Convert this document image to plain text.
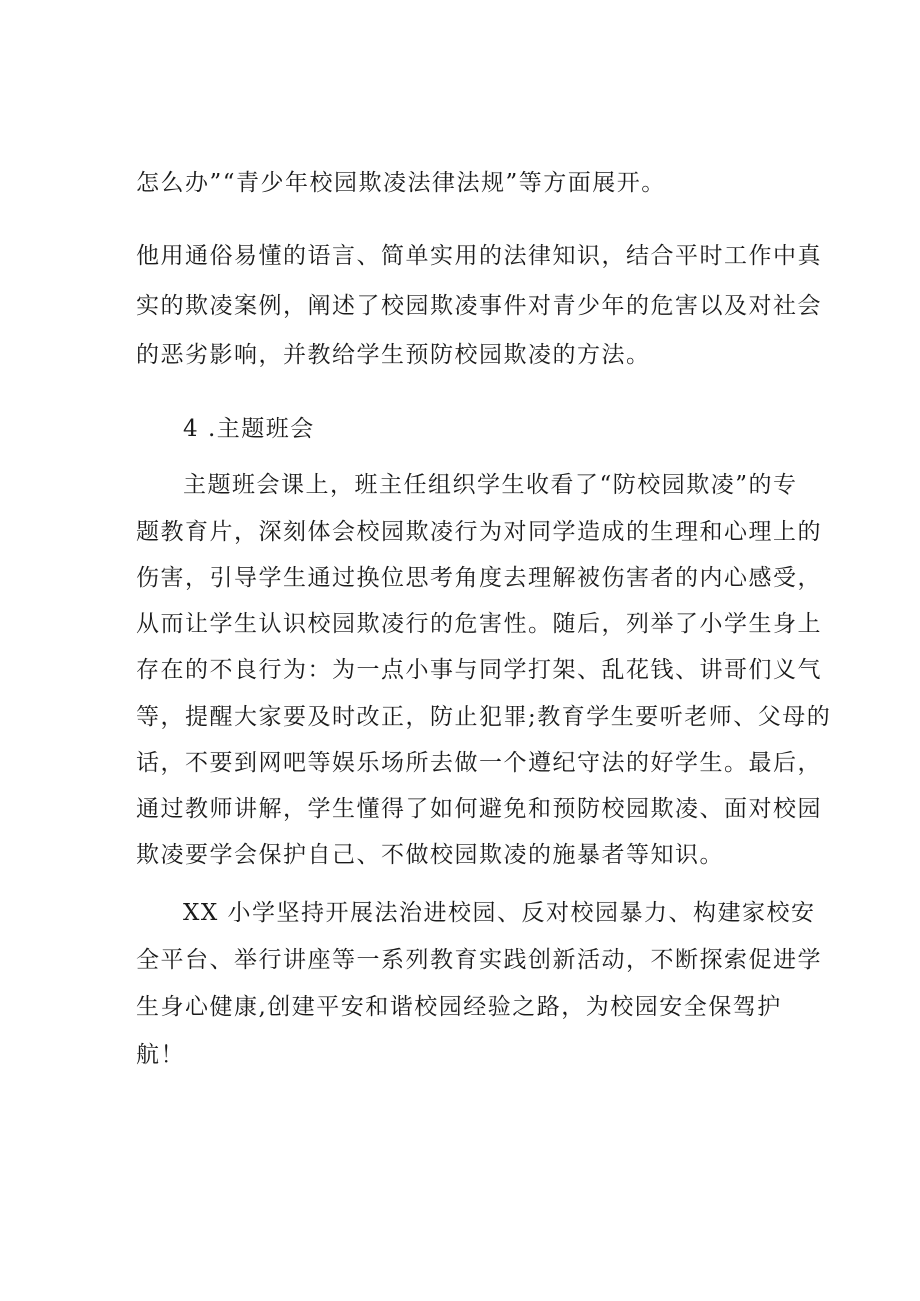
怎么办”“青少年校园欺凌法律法规”等方面展开。

他用通俗易懂的语言、简单实用的法律知识，结合平时工作中真

实的欺凌案例，阐述了校园欺凌事件对青少年的危害以及对社会

的恶劣影响，并教给学生预防校园欺凌的方法。

4 .主题班会

主题班会课上，班主任组织学生收看了“防校园欺凌”的专

题教育片，深刻体会校园欺凌行为对同学造成的生理和心理上的

伤害，引导学生通过换位思考角度去理解被伤害者的内心感受，

从而让学生认识校园欺凌行的危害性。随后，列举了小学生身上

存在的不良行为：为一点小事与同学打架、乱花钱、讲哥们义气

等，提醒大家要及时改正，防止犯罪;教育学生要听老师、父母的

话，不要到网吧等娱乐场所去做一个遵纪守法的好学生。最后，

通过教师讲解，学生懂得了如何避免和预防校园欺凌、面对校园

欺凌要学会保护自己、不做校园欺凌的施暴者等知识。

XX 小学坚持开展法治进校园、反对校园暴力、构建家校安

全平台、举行讲座等一系列教育实践创新活动，不断探索促进学

生身心健康,创建平安和谐校园经验之路，为校园安全保驾护

航！
